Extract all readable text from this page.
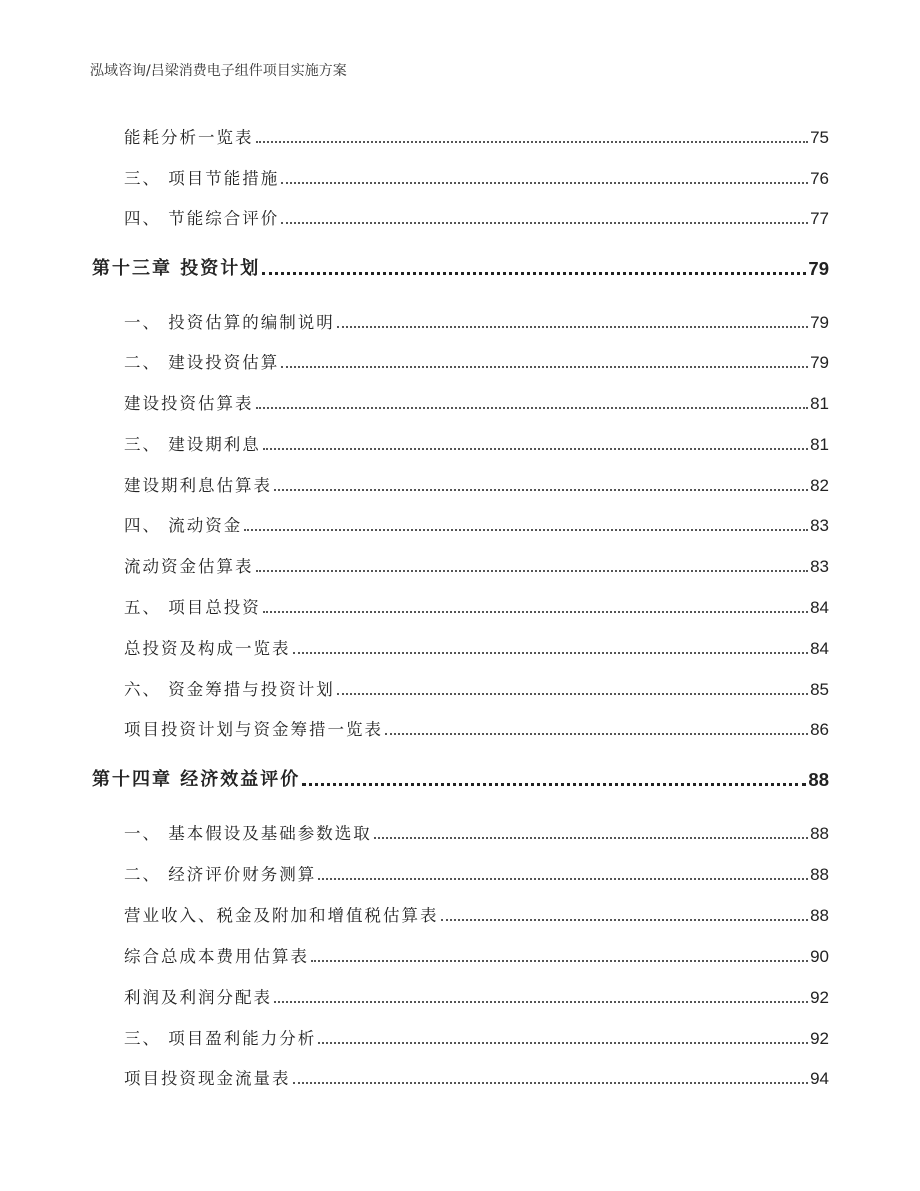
泓域咨询/吕梁消费电子组件项目实施方案
能耗分析一览表	75
三、 项目节能措施	76
四、 节能综合评价	77
第十三章 投资计划	79
一、 投资估算的编制说明	79
二、 建设投资估算	79
建设投资估算表	81
三、 建设期利息	81
建设期利息估算表	82
四、 流动资金	83
流动资金估算表	83
五、 项目总投资	84
总投资及构成一览表	84
六、 资金筹措与投资计划	85
项目投资计划与资金筹措一览表	86
第十四章 经济效益评价	88
一、 基本假设及基础参数选取	88
二、 经济评价财务测算	88
营业收入、税金及附加和增值税估算表	88
综合总成本费用估算表	90
利润及利润分配表	92
三、 项目盈利能力分析	92
项目投资现金流量表	94
